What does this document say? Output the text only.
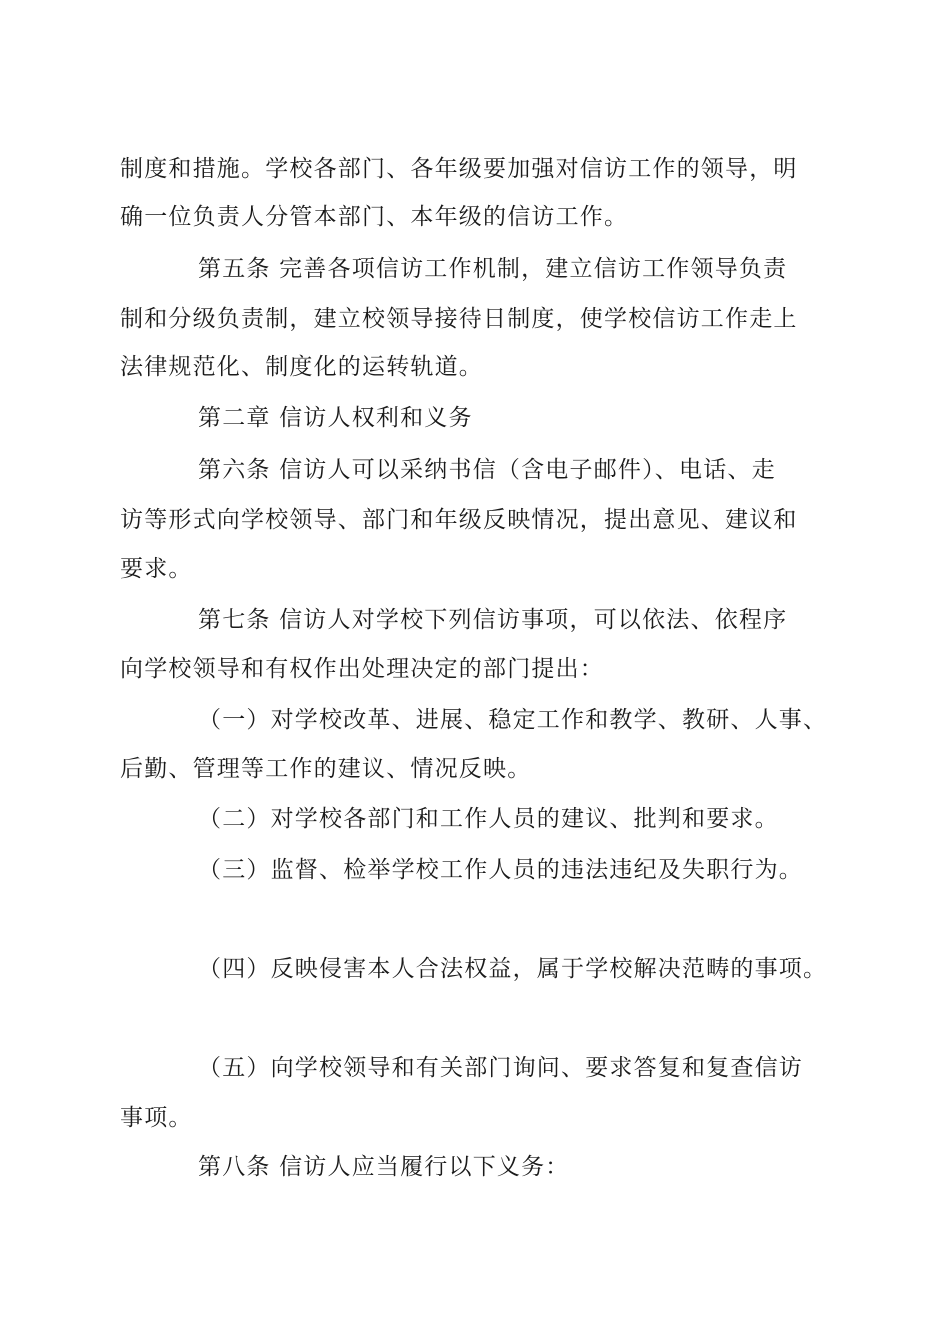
制度和措施。学校各部门、各年级要加强对信访工作的领导，明
确一位负责人分管本部门、本年级的信访工作。
第五条 完善各项信访工作机制，建立信访工作领导负责
制和分级负责制，建立校领导接待日制度，使学校信访工作走上
法律规范化、制度化的运转轨道。
第二章 信访人权利和义务
第六条 信访人可以采纳书信（含电子邮件）、电话、走
访等形式向学校领导、部门和年级反映情况，提出意见、建议和
要求。
第七条 信访人对学校下列信访事项，可以依法、依程序
向学校领导和有权作出处理决定的部门提出：
（一）对学校改革、进展、稳定工作和教学、教研、人事、
后勤、管理等工作的建议、情况反映。
（二）对学校各部门和工作人员的建议、批判和要求。
（三）监督、检举学校工作人员的违法违纪及失职行为。
（四）反映侵害本人合法权益，属于学校解决范畴的事项。
（五）向学校领导和有关部门询问、要求答复和复查信访
事项。
第八条 信访人应当履行以下义务：
